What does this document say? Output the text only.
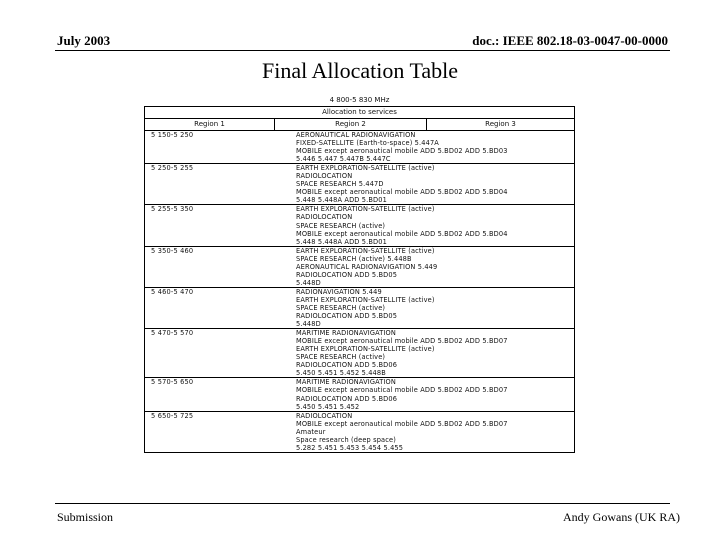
July 2003	doc.: IEEE 802.18-03-0047-00-0000
Final Allocation Table
4 800-5 830 MHz
Allocation to services
Region 1	Region 2	Region 3
5 150-5 250	AERONAUTICAL RADIONAVIGATION
FIXED-SATELLITE (Earth-to-space) 5.447A
MOBILE except aeronautical mobile ADD 5.BD02 ADD 5.BD03
5.446 5.447 5.447B 5.447C
5 250-5 255	EARTH EXPLORATION-SATELLITE (active)
RADIOLOCATION
SPACE RESEARCH 5.447D
MOBILE except aeronautical mobile ADD 5.BD02 ADD 5.BD04
5.448 5.448A ADD 5.BD01
5 255-5 350	EARTH EXPLORATION-SATELLITE (active)
RADIOLOCATION
SPACE RESEARCH (active)
MOBILE except aeronautical mobile ADD 5.BD02 ADD 5.BD04
5.448 5.448A ADD 5.BD01
5 350-5 460	EARTH EXPLORATION-SATELLITE (active)
SPACE RESEARCH (active) 5.448B
AERONAUTICAL RADIONAVIGATION 5.449
RADIOLOCATION ADD 5.BD05
5.448D
5 460-5 470	RADIONAVIGATION 5.449
EARTH EXPLORATION-SATELLITE (active)
SPACE RESEARCH (active)
RADIOLOCATION ADD 5.BD05
5.448D
5 470-5 570	MARITIME RADIONAVIGATION
MOBILE except aeronautical mobile ADD 5.BD02 ADD 5.BD07
EARTH EXPLORATION-SATELLITE (active)
SPACE RESEARCH (active)
RADIOLOCATION ADD 5.BD06
5.450 5.451 5.452 5.448B
5 570-5 650	MARITIME RADIONAVIGATION
MOBILE except aeronautical mobile ADD 5.BD02 ADD 5.BD07
RADIOLOCATION ADD 5.BD06
5.450 5.451 5.452
5 650-5 725	RADIOLOCATION
MOBILE except aeronautical mobile ADD 5.BD02 ADD 5.BD07
Amateur
Space research (deep space)
5.282 5.451 5.453 5.454 5.455
Submission	Andy Gowans (UK RA)
